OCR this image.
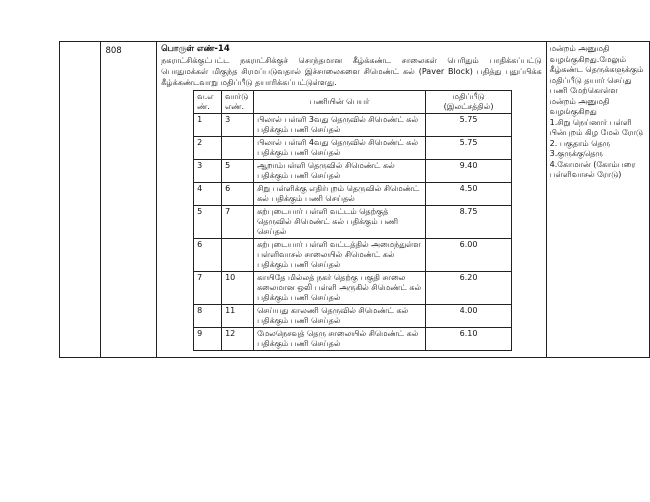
	808	பொருள் எண்-14
நகராட்சிக்குட்பட்ட நகராட்சிக்குச் சொந்தமான கீழ்க்கண்ட சாலைகள் பெரிதும் பாதிக்கப்பட்டு பொதுமக்கள் மிகுந்த சிரமப்படுவதால் இச்சாலைகளை சிமெண்ட் கல் (Paver Block) பதித்து புதுப்பிக்க கீழ்க்கண்டவாறு மதிப்பீடு தயாரிக்கப்பட்டுள்ளது.
வ.எ ண்.	வார்டு எண்.	பணியின் பெயர்	மதிப்பீடு (இலட்சத்தில்)
1	3	பிலால் பள்ளி 3வது தெருவில் சிமெண்ட் கல் பதிக்கும் பணி செய்தல்	5.75
2		பிலால் பள்ளி 4வது தெருவில் சிமெண்ட் கல் பதிக்கும் பணி செய்தல்	5.75
3	5	ஆறாம்பள்ளி தெருவில் சிமெண்ட் கல் பதிக்கும் பணி செய்தல்	9.40
4	6	சிறு பள்ளிக்கு எதிர்புறம் தெருவில் சிமெண்ட் கல் பதிக்கும் பணி செய்தல்	4.50
5	7	கற்புடையார் பள்ளி வட்டம் தெற்குத் தெருவில் சிமெண்ட் கல் பதிக்கும் பணி செய்தல்	8.75
6		கற்புடையார் பள்ளி வட்டத்தில் அமைந்துள்ள பள்ளிவாசல் சாலையில் சிமெண்ட் கல் பதிக்கும் பணி செய்தல்	6.00
7	10	காயிதே மில்லத் நகர் தெற்கு பகுதி சாலை கலைமான ஒலி பள்ளி அருகில் சிமெண்ட் கல் பதிக்கும் பணி செய்தல்	6.20
8	11	செய்யது காலணி தெருவில் சிமெண்ட் கல் பதிக்கும் பணி செய்தல்	4.00
9	12	மேலநெசவுத் தெரு சாலையில் சிமெண்ட் கல் பதிக்கும் பணி செய்தல்	6.10

மன்றம் அனுமதி வழங்குகிறது.மேலும் கீழ்கண்ட தெருக்களுக்கும் மதிப்பீடு தயார் செய்து பணி மேற்கொள்ள மன்றம் அனுமதி வழங்குகிறது
1.சிறு நெய்னார் பள்ளி பின்புறம் கிழ மேல் ரோடு
2. பகுதாம் தெரு
3.குருக்குதெரு
4.கோமான் (கோம்பரை பள்ளிவாசல் ரோடு)
